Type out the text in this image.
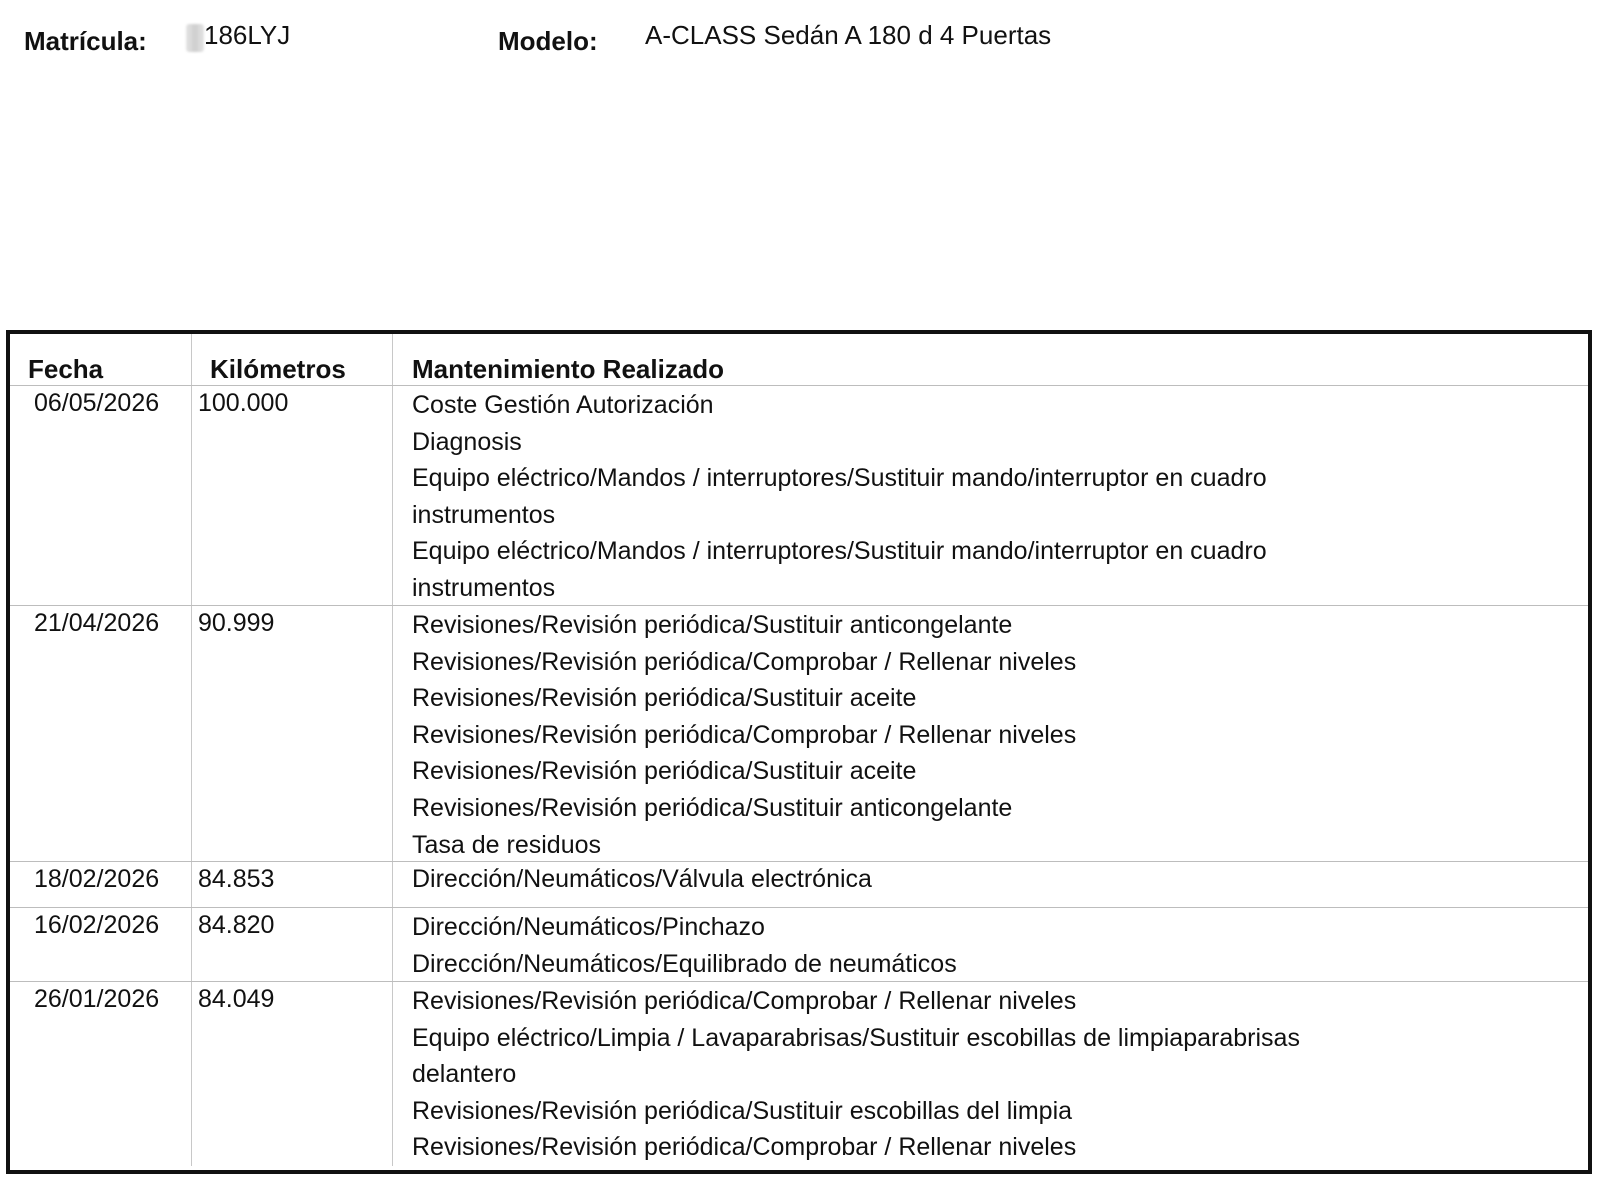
Matrícula: 186LYJ	Modelo: A-CLASS Sedán A 180 d 4 Puertas
Fecha	Kilómetros	Mantenimiento Realizado
06/05/2026 100.000	Coste Gestión Autorización
Diagnosis
Equipo eléctrico/Mandos / interruptores/Sustituir mando/interruptor en cuadro
instrumentos
Equipo eléctrico/Mandos / interruptores/Sustituir mando/interruptor en cuadro
instrumentos
21/04/2026 90.999	Revisiones/Revisión periódica/Sustituir anticongelante
Revisiones/Revisión periódica/Comprobar / Rellenar niveles
Revisiones/Revisión periódica/Sustituir aceite
Revisiones/Revisión periódica/Comprobar / Rellenar niveles
Revisiones/Revisión periódica/Sustituir aceite
Revisiones/Revisión periódica/Sustituir anticongelante
Tasa de residuos
18/02/2026 84.853	Dirección/Neumáticos/Válvula electrónica
16/02/2026 84.820	Dirección/Neumáticos/Pinchazo
Dirección/Neumáticos/Equilibrado de neumáticos
26/01/2026 84.049	Revisiones/Revisión periódica/Comprobar / Rellenar niveles
Equipo eléctrico/Limpia / Lavaparabrisas/Sustituir escobillas de limpiaparabrisas
delantero
Revisiones/Revisión periódica/Sustituir escobillas del limpia
Revisiones/Revisión periódica/Comprobar / Rellenar niveles
